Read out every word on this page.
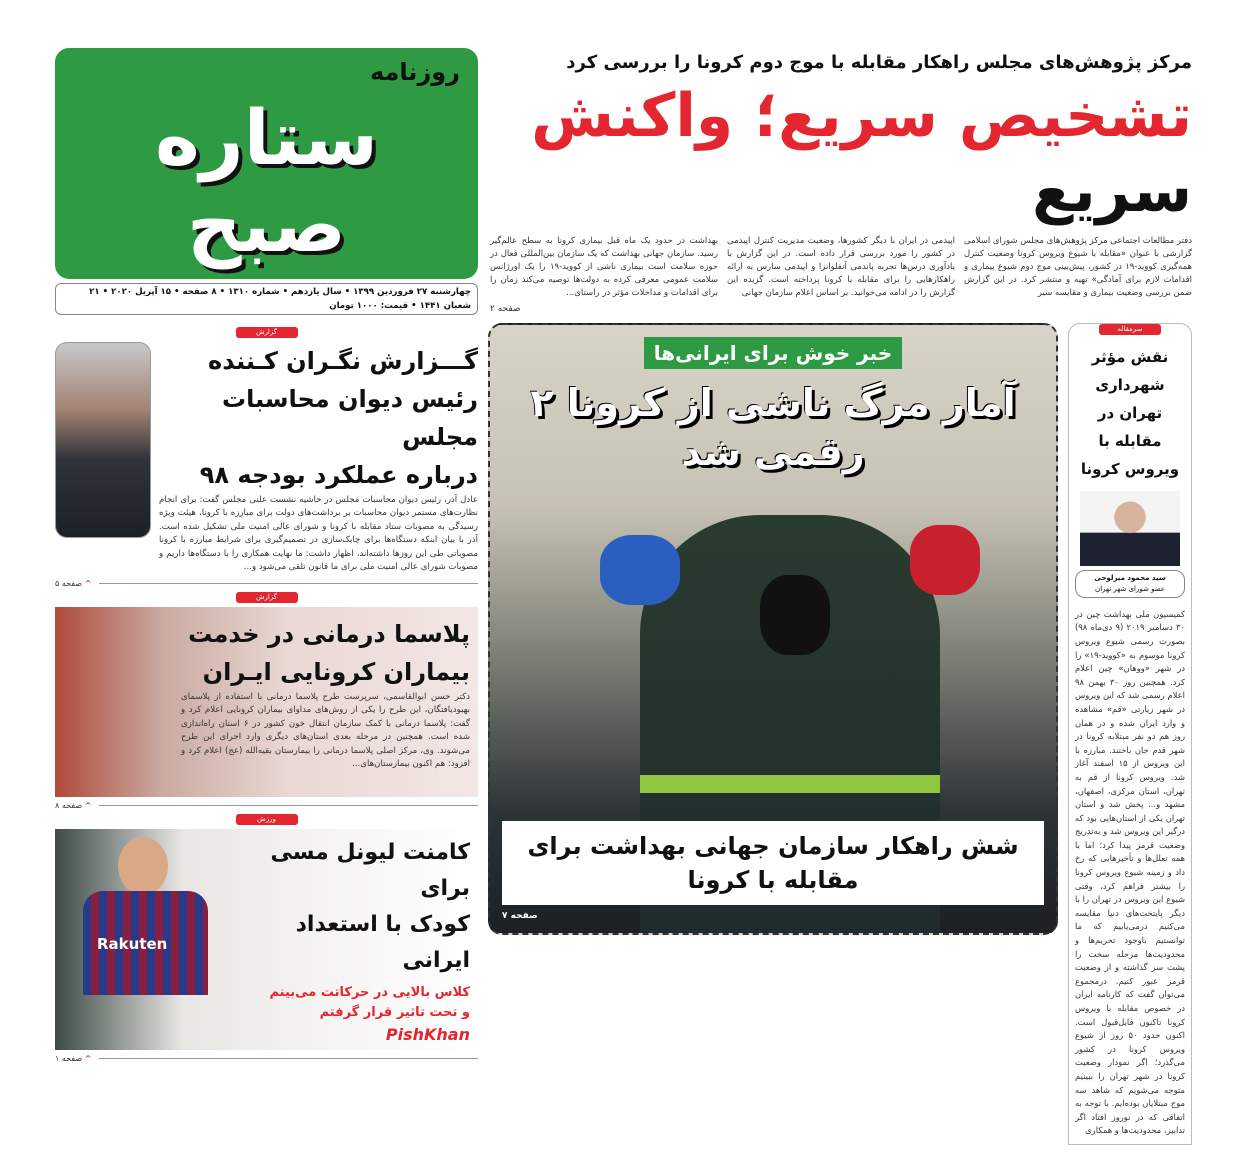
روزنامه
ستاره صبح
چهارشنبه ۲۷ فروردین ۱۳۹۹ • سال یازدهم • شماره ۱۳۱۰ • ۸ صفحه • ۱۵ آپریل ۲۰۲۰ • ۲۱ شعبان ۱۴۴۱ • قیمت: ۱۰۰۰ تومان
مرکز پژوهش‌های مجلس راهکار مقابله با موج دوم کرونا را بررسی کرد
تشخیص سریع؛ واکنش سریع
دفتر مطالعات اجتماعی مرکز پژوهش‌های مجلس شورای اسلامی گزارشی با عنوان «مقابله با شیوع ویروس کرونا وضعیت کنترل همه‌گیری کووید-۱۹ در کشور، پیش‌بینی موج دوم شیوع بیماری و اقدامات لازم برای آمادگی» تهیه و منتشر کرد. در این گزارش ضمن بررسی وضعیت بیماری و مقایسه سیر
اپیدمی در ایران با دیگر کشورها، وضعیت مدیریت کنترل اپیدمی در کشور را مورد بررسی قرار داده است. در این گزارش با یادآوری درس‌ها تجربه پاندمی آنفلوانزا و اپیدمی سارس به ارائه راهکارهایی را برای مقابله با کرونا پرداخته است. گزیده این گزارش را در ادامه می‌خوانید. بر اساس اعلام سازمان جهانی
بهداشت در حدود یک ماه قبل بیماری کرونا به سطح عالم‌گیر رسید. سازمان جهانی بهداشت که یک سازمان بین‌المللی فعال در حوزه سلامت است بیماری ناشی از کووید-۱۹ را یک اورژانس سلامت عمومی معرفی کرده به دولت‌ها توصیه می‌کند زمان را برای اقدامات و مداخلات مؤثر در راستای...
صفحه ۲
گزارش
گـــزارش نگـران کـننده
رئیس دیوان محاسبات مجلس
درباره عملکرد بودجه ۹۸
عادل آذر، رئیس دیوان محاسبات مجلس در حاشیه نشست علنی مجلس گفت: برای انجام نظارت‌های مستمر دیوان محاسبات بر برداشت‌های دولت برای مبارزه با کرونا، هیئت ویژه رسیدگی به مصوبات ستاد مقابله با کرونا و شورای عالی امنیت ملی تشکیل شده است. آذر با بیان اینکه دستگاه‌ها برای چابک‌سازی در تصمیم‌گیری برای شرایط مبارزه با کرونا مصوباتی طی این روزها داشته‌اند، اظهار داشت: ما نهایت همکاری را با دستگاه‌ها داریم و مصوبات شورای عالی امنیت ملی برای ما قانون تلقی می‌شود و...
صفحه ۵ ^
گزارش
پلاسما درمانی در خدمت
بیماران کرونایی ایـران
دکتر حسن ابوالقاسمی، سرپرست طرح پلاسما درمانی با استفاده از پلاسمای بهبودیافتگان، این طرح را یکی از روش‌های مداوای بیماران کرونایی اعلام کرد و گفت: پلاسما درمانی با کمک سازمان انتقال خون کشور در ۶ استان راه‌اندازی شده است. همچنین در مرحله بعدی استان‌های دیگری وارد اجرای این طرح می‌شوند. وی، مرکز اصلی پلاسما درمانی را بیمارستان بقیه‌الله (عج) اعلام کرد و افزود: هم اکنون بیمارستان‌های...
صفحه ۸ ^
ورزش
Rakuten
کامنت لیونل مسی برای
کودک با استعداد ایرانی
کلاس بالایی در حرکاتت می‌بینم
و تحت تاثیر قرار گرفتم
PishKhan
صفحه ۱ ^
خبر خوش برای ایرانی‌ها
آمار مرگ ناشی از کرونا ۲ رقمی شد
شش راهکار سازمان جهانی بهداشت برای مقابله با کرونا
صفحه ۷
سرمقاله
نقش مؤثر شهرداری تهران در مقابله با ویروس کرونا
سید محمود میرلوحی
عضو شورای شهر تهران
کمیسیون ملی بهداشت چین در ۳۰ دسامبر ۲۰۱۹ (۹ دی‌ماه ۹۸) بصورت رسمی شیوع ویروس کرونا موسوم به «کووید-۱۹» را در شهر «ووهان» چین اعلام کرد. همچنین روز ۳۰ بهمن ۹۸ اعلام رسمی شد که این ویروس در شهر زیارتی «قم» مشاهده و وارد ایران شده و در همان روز هم دو نفر مبتلابه کرونا در شهر قدم جان باختند. مبارزه با این ویروس از ۱۵ اسفند آغاز شد. ویروس کرونا از قم به تهران، استان مرکزی، اصفهان، مشهد و... پخش شد و استان تهران یکی از استان‌هایی بود که درگیر این ویروس شد و به‌تدریج وضعیت قرمز پیدا کرد؛ اما با همه تعلل‌ها و تأخیرهایی که رخ داد و زمینه شیوع ویروس کرونا را بیشتر فراهم کرد، وقتی شیوع این ویروس در تهران را با دیگر پایتخت‌های دنیا مقایسه می‌کنیم درمی‌یابیم که ما توانستیم باوجود تحریم‌ها و محدودیت‌ها مرحله سخت را پشت سر گذاشته و از وضعیت قرمز عبور کنیم. درمجموع می‌توان گفت که کارنامه ایران در خصوص مقابله با ویروس کرونا تاکنون قابل‌قبول است. اکنون حدود ۵۰ روز از شیوع ویروس کرونا در کشور می‌گذرد؛ اگر نمودار وضعیت کرونا در شهر تهران را ببینیم متوجه می‌شویم که شاهد سه موج مبتلایان بوده‌ایم. با توجه به اتفاقی که در نوروز افتاد اگر تدابیر، محدودیت‌ها و همکاری
